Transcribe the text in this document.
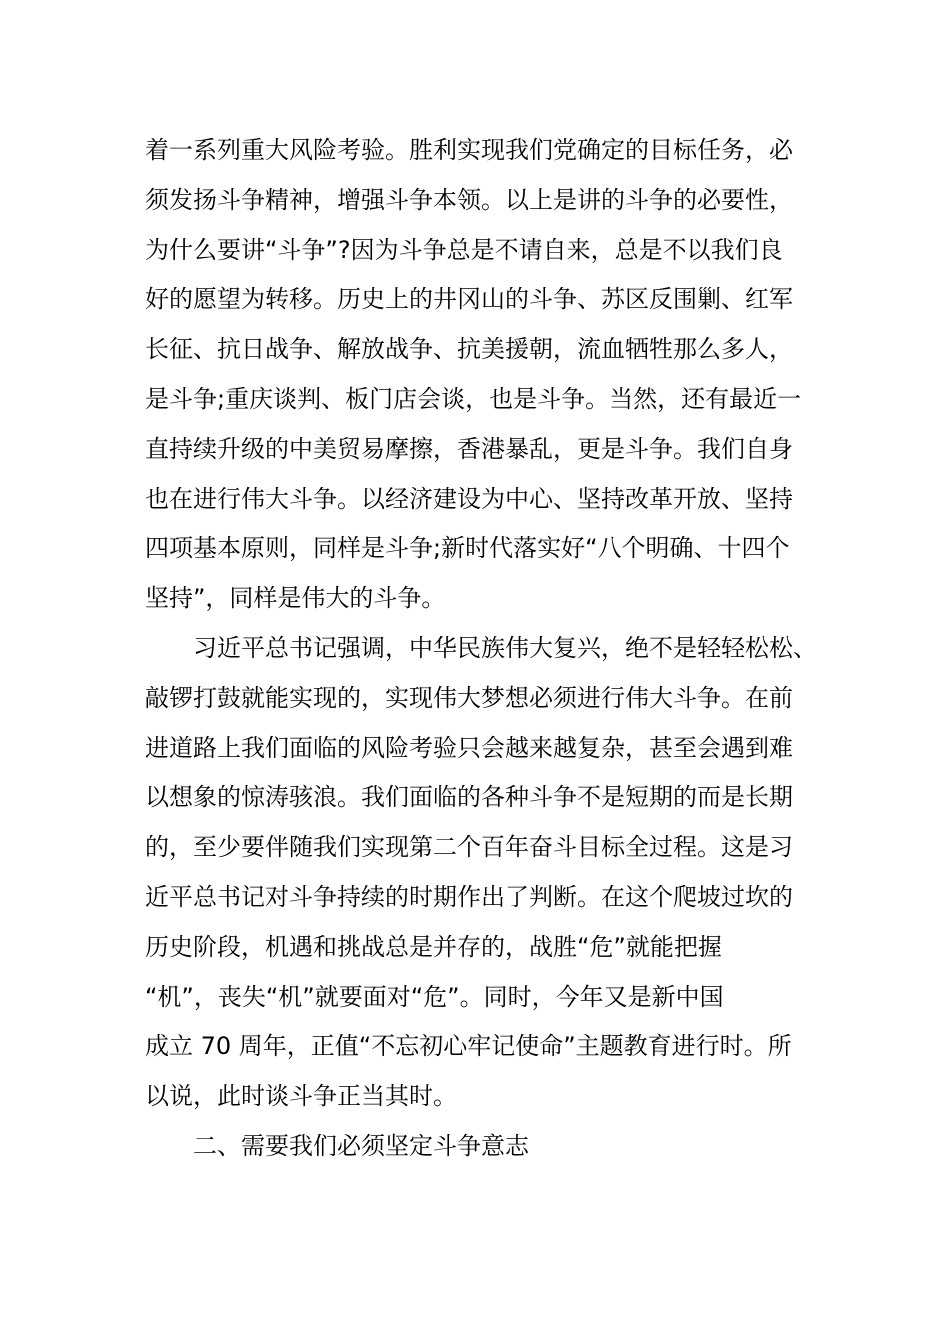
着一系列重大风险考验。胜利实现我们党确定的目标任务，必
须发扬斗争精神，增强斗争本领。以上是讲的斗争的必要性，
为什么要讲“斗争”?因为斗争总是不请自来，总是不以我们良
好的愿望为转移。历史上的井冈山的斗争、苏区反围剿、红军
长征、抗日战争、解放战争、抗美援朝，流血牺牲那么多人，
是斗争;重庆谈判、板门店会谈，也是斗争。当然，还有最近一
直持续升级的中美贸易摩擦，香港暴乱，更是斗争。我们自身
也在进行伟大斗争。以经济建设为中心、坚持改革开放、坚持
四项基本原则，同样是斗争;新时代落实好“八个明确、十四个
坚持”，同样是伟大的斗争。
习近平总书记强调，中华民族伟大复兴，绝不是轻轻松松、
敲锣打鼓就能实现的，实现伟大梦想必须进行伟大斗争。在前
进道路上我们面临的风险考验只会越来越复杂，甚至会遇到难
以想象的惊涛骇浪。我们面临的各种斗争不是短期的而是长期
的，至少要伴随我们实现第二个百年奋斗目标全过程。这是习
近平总书记对斗争持续的时期作出了判断。在这个爬坡过坎的
历史阶段，机遇和挑战总是并存的，战胜“危”就能把握
“机”，丧失“机”就要面对“危”。同时，今年又是新中国
成立 70 周年，正值“不忘初心牢记使命”主题教育进行时。所
以说，此时谈斗争正当其时。
二、需要我们必须坚定斗争意志
